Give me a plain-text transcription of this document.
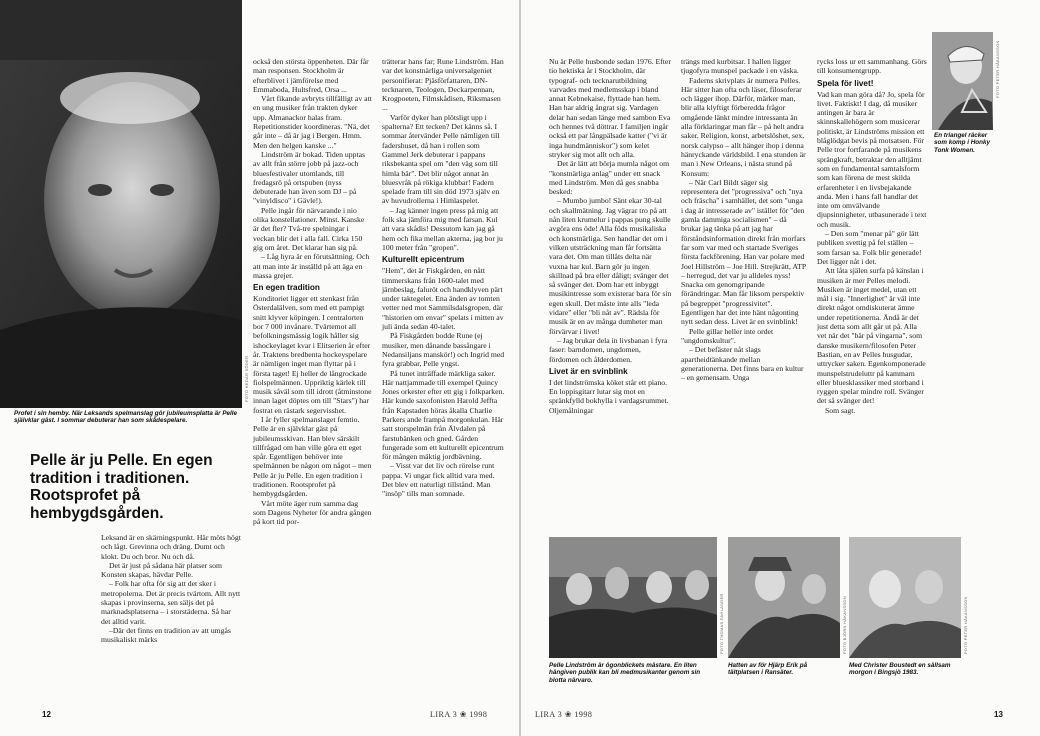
FOTO HEDAR SÖDER
Profet i sin hemby. När Leksands spelmanslag gör jubileumsplatta är Pelle självklar gäst. I sommar debuterar han som skådespelare.
Pelle är ju Pelle. En egen tradition i traditionen. Rootsprofet på hembygdsgården.

Leksand är en skärningspunkt. Här möts högt och lågt. Grevinna och dräng. Dumt och klokt. Du och bror. Nu och då.

Det är just på sådana här platser som Konsten skapas, hävdar Pelle.

– Folk har ofta för sig att det sker i metropolerna. Det är precis tvärtom. Allt nytt skapas i provinserna, sen säljs det på marknadsplatserna – i storstäderna. Så har det alltid varit.

–Där det finns en tradition av att umgås musikaliskt märks

också den största öppenheten. Där får man responsen. Stockholm är efterblivet i jämförelse med Emmaboda, Hultsfred, Orsa ...

Vårt fikande avbryts tillfälligt av att en ung musiker från trakten dyker upp. Almanackor halas fram. Repetitionstider koordineras. "Nä, det går inte – då är jag i Bergen. Hmm. Men den helgen kanske ..."

Lindström är bokad. Tiden upptas av allt från större jobb på jazz-och bluesfestivaler utomlands, till fredagsrö på ortspuben (nyss debuterade han även som DJ – på "vinyldisco" i Gävle!).

Pelle ingår för närvarande i nio olika konstellationer. Minst. Kanske är det fler? Två-tre spelningar i veckan blir det i alla fall. Cirka 150 gig om året. Det klarar han sig på.

– Låg hyra är en förutsättning. Och att man inte är inställd på att äga en massa grejer.

En egen tradition

Konditoriet ligger ett stenkast från Österdalälven, som med ett pampigt snitt klyver köpingen. I centralorten bor 7 000 invånare. Tvärtemot all befolkningsmässig logik håller sig ishockeylaget kvar i Elitserien år efter år. Traktens bredbenta hockeyspelare är nämligen inget man flyttar på i första taget! Ej heller de långrockade fiolspelmännen. Uppriktig kärlek till musik såväl som till idrott (åtminstone innan laget döptes om till "Stars") har fostrat en rästark segervisshet.

I år fyller spelmanslaget femtio. Pelle är en självklar gäst på jubileumsskivan. Han blev särskilt tillfrågad om han ville göra ett eget spår. Egentligen behöver inte spelmännen be någon om något – men Pelle är ju Pelle. En egen tradition i traditionen. Rootsprofet på hembygdsgården.

Vårt möte äger rum samma dag som Dagens Nyheter för andra gången på kort tid por-

trätterar hans far; Rune Lindström. Han var det konstnärliga universalgeniet personifierat: Pjäsförfattaren, DN-tecknaren, Teologen, Deckarpennan, Krogpoeten, Filmskådisen, Riksmasen ...

Varför dyker han plötsligt upp i spalterna? Ett tecken? Det känns så. I sommar återvänder Pelle nämligen till fadershuset, då han i rollen som Gammel Jerk debuterar i pappans riksbekanta spel om "den väg som till himla bär". Det blir något annat än bluesvråk på rökiga klubbar! Fadern spelade fram till sin död 1973 själv en av huvudrollerna i Himlaspelet.

– Jag känner ingen press på mig att folk ska jämföra mig med farsan. Kul att vara skådis! Dessutom kan jag gå hem och fika mellan akterna, jag bor ju 100 meter från "gropen".

Kulturellt epicentrum

"Hem", det är Fiskgården, en nått timmerskans från 1600-talet med järnbeslag, faluröt och handklyven pärt under taktegelet. Ena änden av tomten vetter ned mot Sammilsdalsgropen, där "historien om envar" spelats i mitten av juli ända sedan 40-talet.

På Fiskgården bodde Rune (ej musiker, men dånande bassångare i Nedansiljans manskör!) och Ingrid med fyra grabbar, Pelle yngst.

På tunet inträffade märkliga saker. Här nattjammade till exempel Quincy Jones orkester efter ett gig i folkparken. Här kunde saxofonisten Harold Jeffta från Kapstaden höras åkalla Charlie Parkers ande frampå morgonkulan. Här satt storspelmän från Älvdalen på farstubänken och gned. Gården fungerade som ett kulturellt epicentrum för mången mäktig jordbävning.

– Visst var det liv och rörelse runt pappa. Vi ungar fick alltid vara med. Det blev ett naturligt tillstånd. Man "insöp" tills man somnade.

12	LIRA 3 ❀ 1998

Nu är Pelle husbonde sedan 1976. Efter tio hektiska år i Stockholm, där typograf- och tecknarutbildning varvades med medlemsskap i bland annat Kebnekaise, flyttade han hem. Han har aldrig ångrat sig. Vardagen delar han sedan länge med sambon Eva och hennes två döttrar. I familjen ingår också ett par långpälsade katter ("vi är inga hundmänniskor") som kelet stryker sig mot allt och alla.

Det är lätt att börja mumla något om "konstnärliga anlag" under ett snack med Lindström. Men då ges snabba besked:

– Mumbo jumbo! Sänt ekar 30-tal och skallmätning. Jag vägrar tro på att nån liten krumelur i pappas pung skulle avgöra ens öde! Alla föds musikaliska och konstnärliga. Sen handlar det om i vilken utsträckning man får fortsätta vara det. Om man tillåts delta när vuxna har kul. Barn gör ju ingen skillnad på bra eller dåligt; svänger det så svänger det. Dom har ett inbyggt musikintresse som existerar bara för sin egen skull. Det måste inte alls "leda vidare" eller "bli nåt av". Rädsla för musik är en av många dumheter man förvärvar i livet!

– Jag brukar dela in livsbanan i fyra faser: barndomen, ungdomen, fördomen och ålderdomen.

Livet är en svinblink

I det lindströmska köket står ett piano. En loppisgitarr lutar sig mot en spränkfylld bokhylla i vardagsrummet. Oljemålningar

trängs med kurbitsar. I hallen ligger tjugofyra munspel packade i en väska.

Faderns skrivplats är numera Pelles. Här sitter han ofta och läser, filosoferar och lägger ihop. Därför, märker man, blir alla klyftigt förberedda frågor omgående länkt mindre intressanta än alla förklaringar man får – på helt andra saker. Religion, konst, arbetslöshet, sex, norsk calypso – allt hänger ihop i denna hänryckande världsbild. I ena stunden är man i New Orleans, i nästa stund på Konsum:

– När Carl Bildt säger sig representera det "progressiva" och "nya och fräscha" i samhället, det som "unga i dag är intresserade av" istället för "den gamla dammiga socialismen" – då brukar jag tänka på att jag har förståndsinformation direkt från morfars far som var med och startade Sveriges första fackförening. Han var polare med Joel Hillström – Joe Hill. Strejkrätt, ATP – herregud, det var ju alldeles nyss! Snacka om genomgripande förändringar. Man får liksom perspektiv på begreppet "progressivitet". Egentligen har det inte hänt någonting nytt sedan dess. Livet är en svinblink!

Pelle gillar heller inte ordet "ungdomskultur".

– Det befäster nåt slags apartheidtänkande mellan generationerna. Det finns bara en kultur – en gemensam. Unga

rycks loss ur ett sammanhang. Görs till konsumentgrupp.

Spela för livet!

Vad kan man göra då? Jo, spela för livet. Faktiskt! I dag, då musiker antingen är bara är skinnskallehögern som musicerar politiskt, är Lindströms mission ett blåglödgat bevis på motsatsen. För Pelle tror fortfarande på musikens sprängkraft, betraktar den alltjämt som en fundamental samtalsform som kan förena de mest skilda erfarenheter i en livsbejakande anda. Men i hans fall handlar det inte om omvälvande djupsinnigheter, utbasunerade i text och musik.

– Den som "menar på" gör lätt publiken svettig på fel ställen – som farsan sa. Folk blir generade! Det ligger nåt i det.

Att låta själen surfa på känslan i musiken är mer Pelles melodi. Musiken är inget medel, utan ett mål i sig. "Innerlighet" är väl inte direkt något omdiskuterat ämne under repetitionerna. Ändå är det just detta som allt går ut på. Alla vet när det "bär på vingarna", som danske musikern/filosofen Peter Bastian, en av Pelles husgudar, uttrycker saken. Egenkomponerade munspelstrudeluttr på kammarn eller bluesklassiker med storband i ryggen spelar mindre roll. Svänger det så svänger det!

Som sagt.

FOTO PETER HÅKANSSON
En triangel räcker som komp i Honky Tonk Women.
FOTO THOMAS FAHLANDER	FOTO BJÖRN HÅKANSSON	FOTO PETER HÅKANSSON
Pelle Lindström är ögonblickets mästare. En liten hängiven publik kan bli medmusikanter genom sin blotta närvaro.
Hatten av för Hjärp Erik på tältplatsen i Ransäter.
Med Christer Boustedt en sällsam morgon i Bingsjö 1983.
LIRA 3 ❀ 1998	13
